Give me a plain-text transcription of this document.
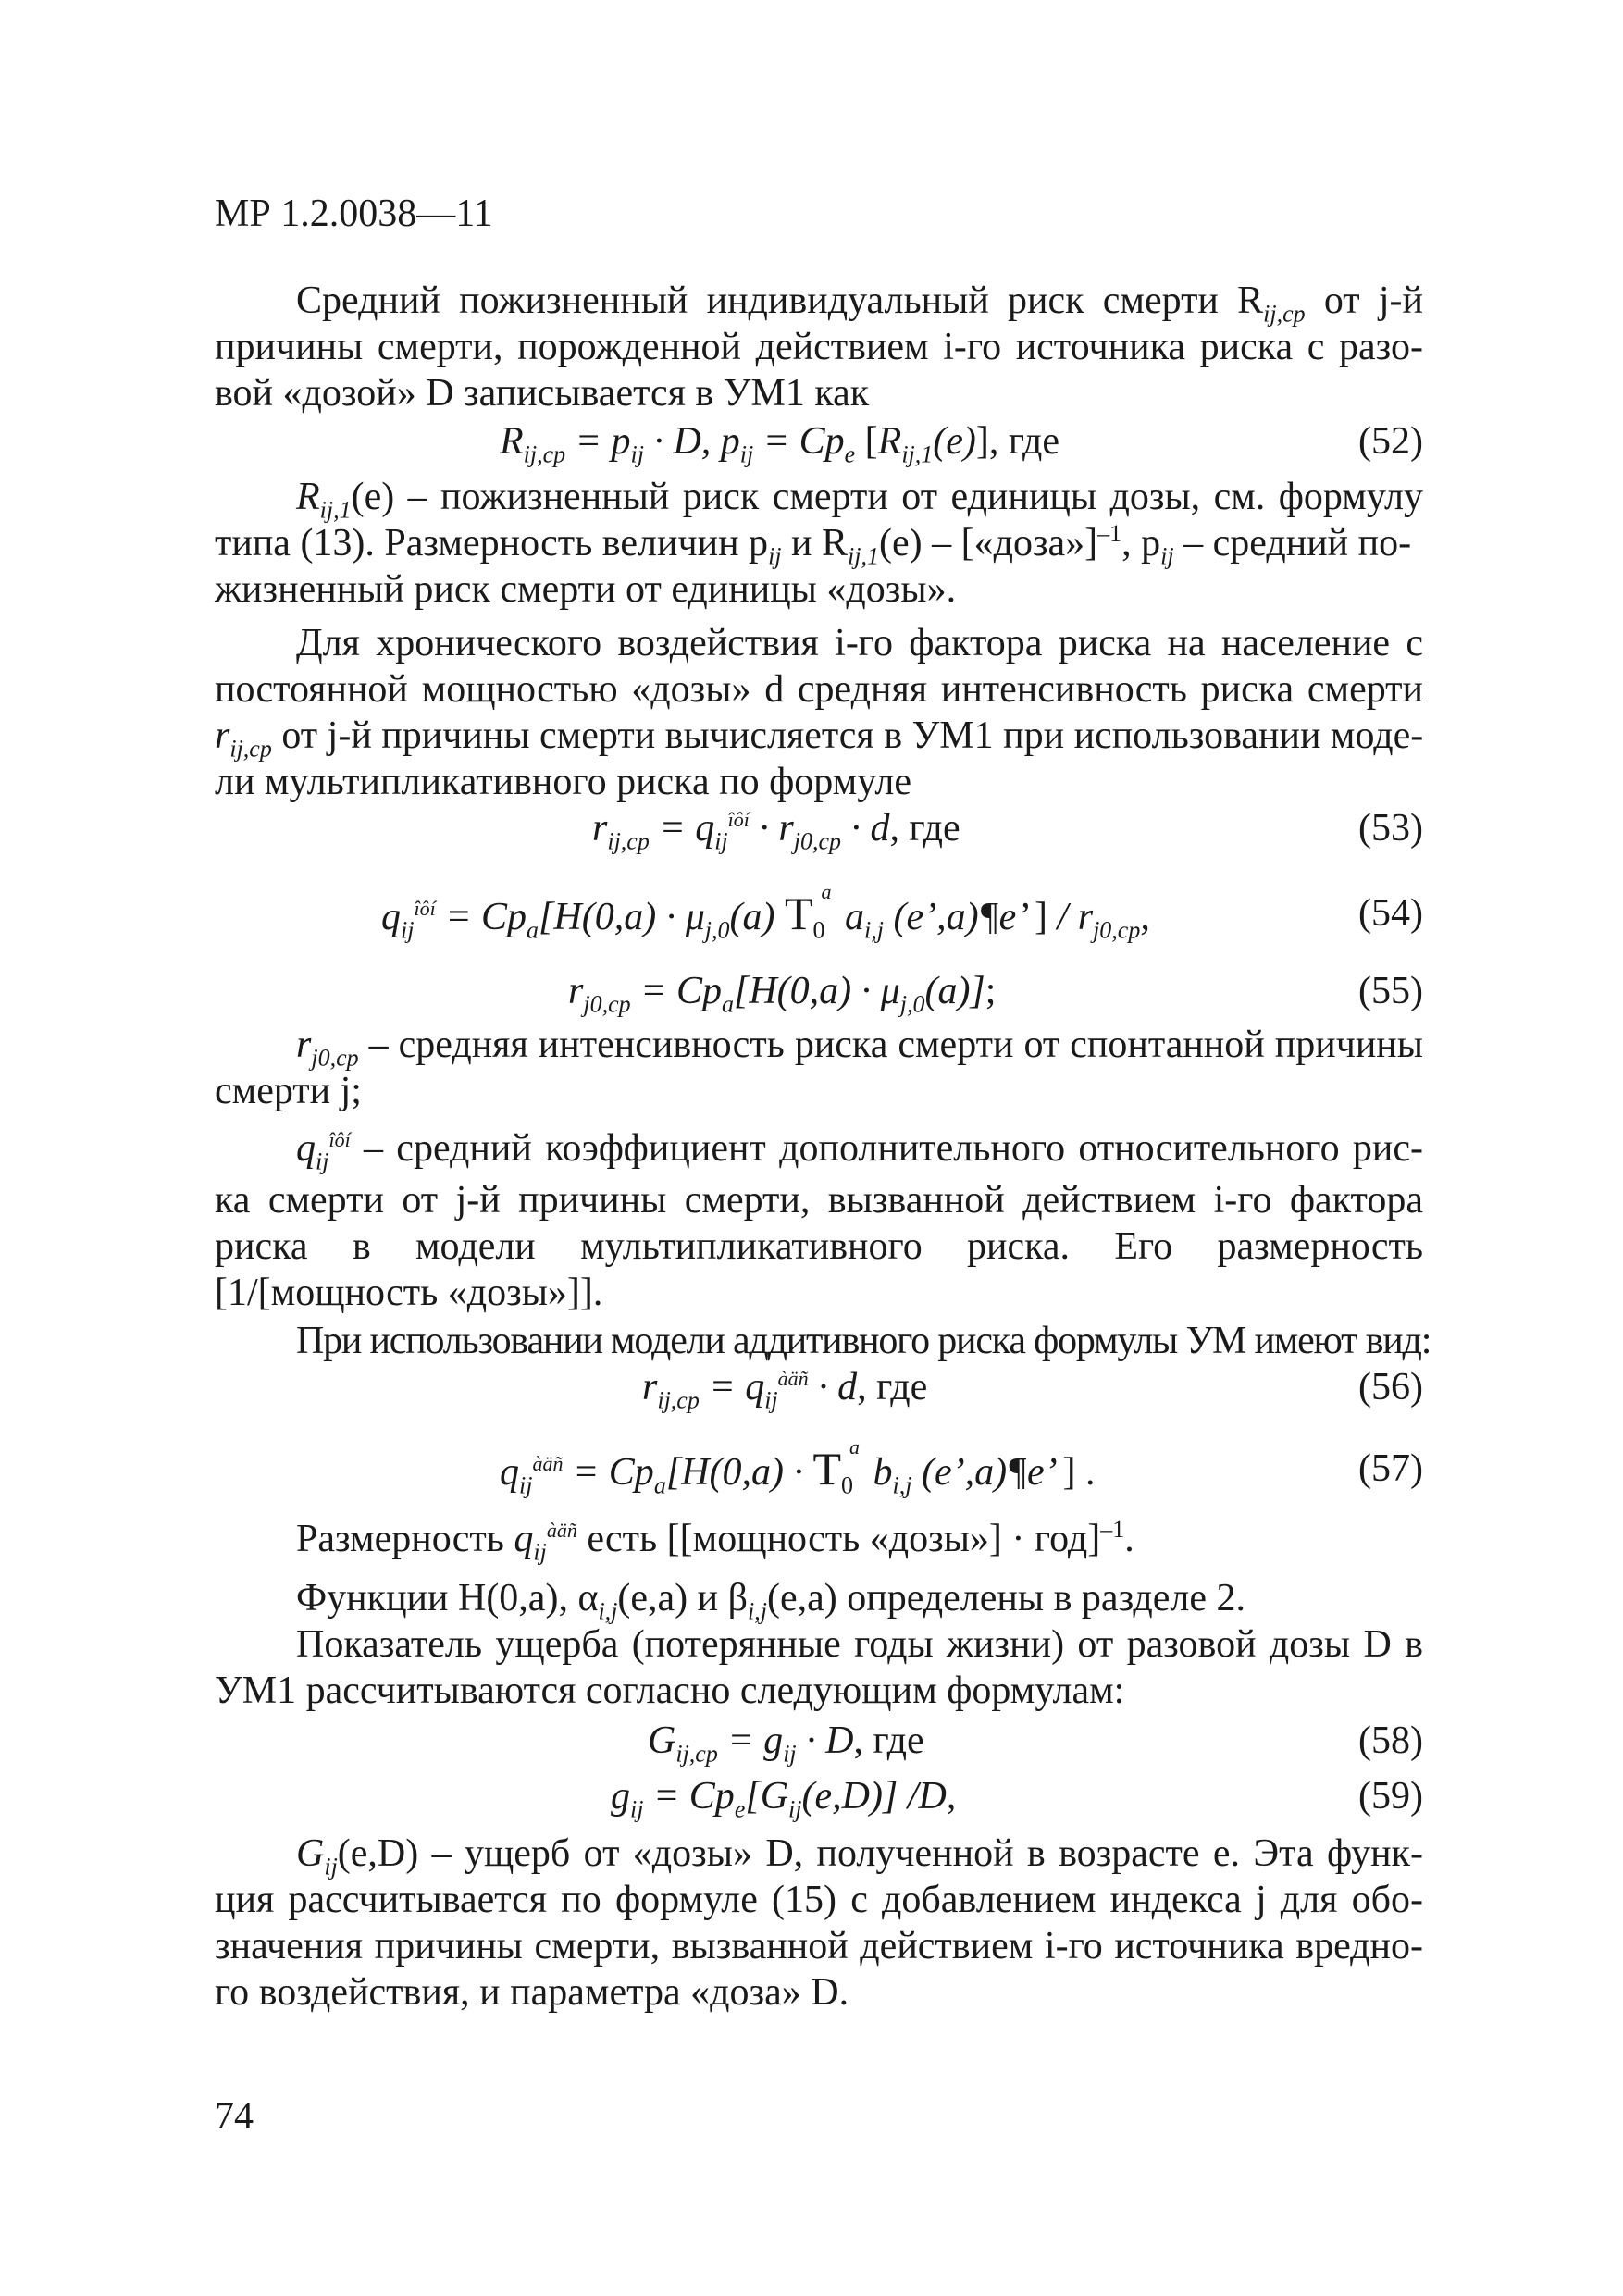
МР 1.2.0038—11
Средний пожизненный индивидуальный риск смерти $R_{ij,ср}$ от j-й
причины смерти, порожденной действием i-го источника риска с разо-
вой «дозой» D записывается в УМ1 как
$R_{ij,ср} = p_{ij} \cdot D$, $p_{ij} = Cp_e$ $[R_{ij,1}(e)]$, где	(52)
$R_{ij,1}(e)$ – пожизненный риск смерти от единицы дозы, см. формулу
типа (13). Размерность величин $p_{ij}$ и $R_{ij,1}(e)$ – [«доза»]$^{-1}$, $p_{ij}$ – средний по-
жизненный риск смерти от единицы «дозы».
Для хронического воздействия i-го фактора риска на население с
постоянной мощностью «дозы» d средняя интенсивность риска смерти
$r_{ij,ср}$ от j-й причины смерти вычисляется в УМ1 при использовании моде-
ли мультипликативного риска по формуле
$r_{ij,ср} = q_{ij}^{îôí} \cdot r_{j0,ср} \cdot d$, где	(53)
$q_{ij}^{îôí} = Cp_a[H(0,a) \cdot \mu_{j,0}(a)$ $Т_0^a$ $a_{i,j}$ (e’,a)¶e’ ] / $r_{j0,ср}$,	(54)
$r_{j0,ср} = Cp_a[H(0,a) \cdot \mu_{j,0}(a)]$;	(55)
$r_{j0,ср}$ – средняя интенсивность риска смерти от спонтанной причины
смерти j;
$q_{ij}^{îôí}$ – средний коэффициент дополнительного относительного рис-
ка смерти от j-й причины смерти, вызванной действием i-го фактора
риска в модели мультипликативного риска. Его размерность
[1/[мощность «дозы»]].
При использовании модели аддитивного риска формулы УМ имеют вид:
$r_{ij,ср} = q_{ij}^{àäñ} \cdot d$, где	(56)
$q_{ij}^{àäñ} = Cp_a[H(0,a) \cdot Т_0^a$ $b_{i,j}$ (e’,a)¶e’ ] .	(57)
Размерность $q_{ij}^{àäñ}$ есть [[мощность «дозы»] · год]$^{-1}$.
Функции H(0,a), $\alpha_{i,j}(e,a)$ и $\beta_{i,j}(e,a)$ определены в разделе 2.
Показатель ущерба (потерянные годы жизни) от разовой дозы D в
УМ1 рассчитываются согласно следующим формулам:
$G_{ij,ср} = g_{ij} \cdot D$, где	(58)
$g_{ij} = Cp_e[G_{ij}(e,D)]$ /D,	(59)
$G_{ij}(e,D)$ – ущерб от «дозы» D, полученной в возрасте e. Эта функ-
ция рассчитывается по формуле (15) с добавлением индекса j для обо-
значения причины смерти, вызванной действием i-го источника вредно-
го воздействия, и параметра «доза» D.
74
